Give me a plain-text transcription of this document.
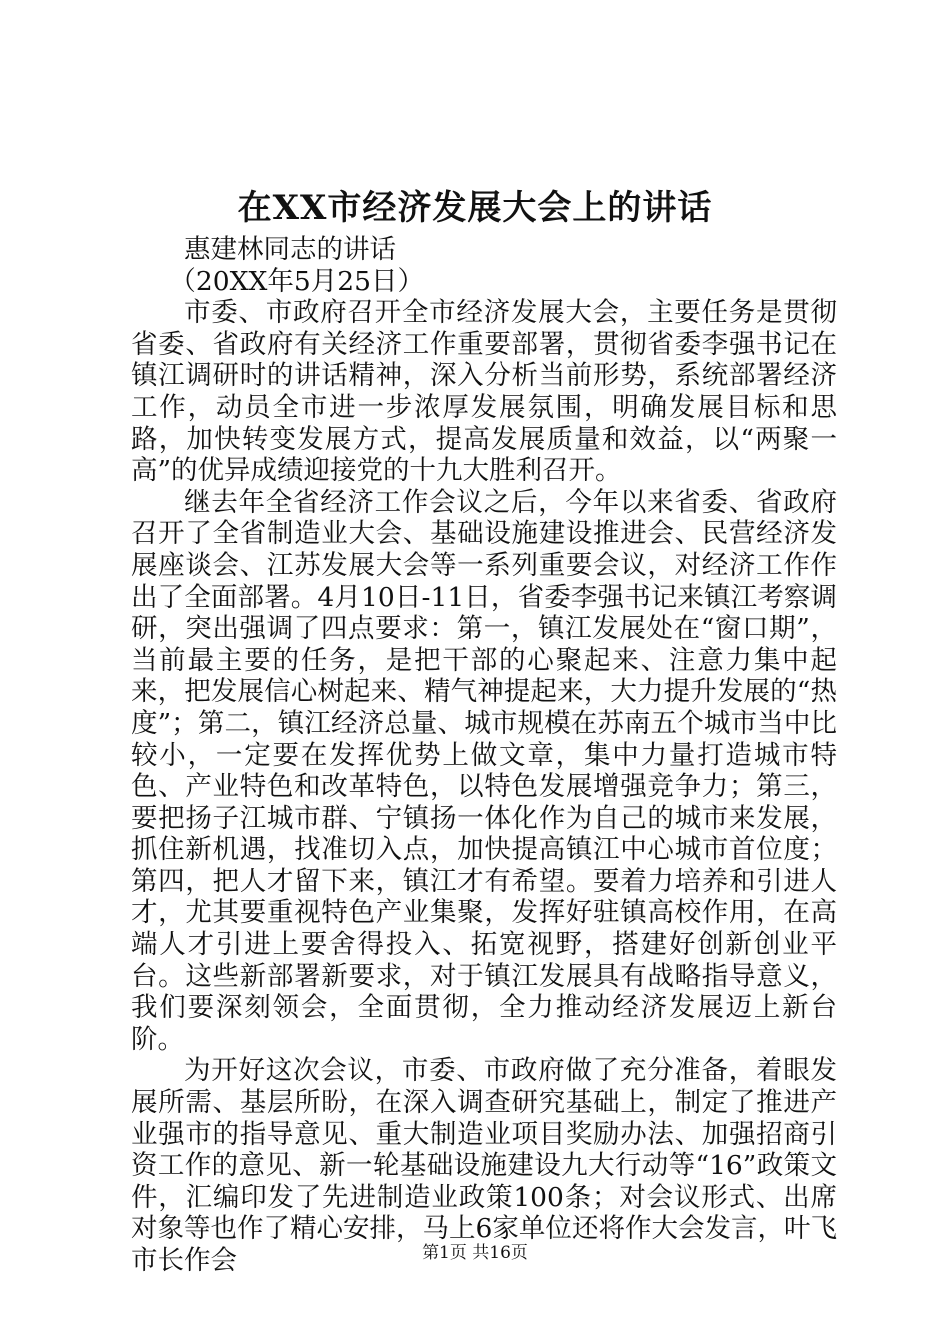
在XX市经济发展大会上的讲话

惠建林同志的讲话

（20XX年5月25日）

市委、市政府召开全市经济发展大会，主要任务是贯彻省委、省政府有关经济工作重要部署，贯彻省委李强书记在镇江调研时的讲话精神，深入分析当前形势，系统部署经济工作，动员全市进一步浓厚发展氛围，明确发展目标和思路，加快转变发展方式，提高发展质量和效益，以“两聚一高”的优异成绩迎接党的十九大胜利召开。

继去年全省经济工作会议之后，今年以来省委、省政府召开了全省制造业大会、基础设施建设推进会、民营经济发展座谈会、江苏发展大会等一系列重要会议，对经济工作作出了全面部署。4月10日-11日，省委李强书记来镇江考察调研，突出强调了四点要求：第一，镇江发展处在“窗口期”，当前最主要的任务，是把干部的心聚起来、注意力集中起来，把发展信心树起来、精气神提起来，大力提升发展的“热度”；第二，镇江经济总量、城市规模在苏南五个城市当中比较小，一定要在发挥优势上做文章，集中力量打造城市特色、产业特色和改革特色，以特色发展增强竞争力；第三，要把扬子江城市群、宁镇扬一体化作为自己的城市来发展，抓住新机遇，找准切入点，加快提高镇江中心城市首位度；第四，把人才留下来，镇江才有希望。要着力培养和引进人才，尤其要重视特色产业集聚，发挥好驻镇高校作用，在高端人才引进上要舍得投入、拓宽视野，搭建好创新创业平台。这些新部署新要求，对于镇江发展具有战略指导意义，我们要深刻领会，全面贯彻，全力推动经济发展迈上新台阶。

为开好这次会议，市委、市政府做了充分准备，着眼发展所需、基层所盼，在深入调查研究基础上，制定了推进产业强市的指导意见、重大制造业项目奖励办法、加强招商引资工作的意见、新一轮基础设施建设九大行动等“16”政策文件，汇编印发了先进制造业政策100条；对会议形式、出席对象等也作了精心安排，马上6家单位还将作大会发言，叶飞市长作会	第1页 共16页
